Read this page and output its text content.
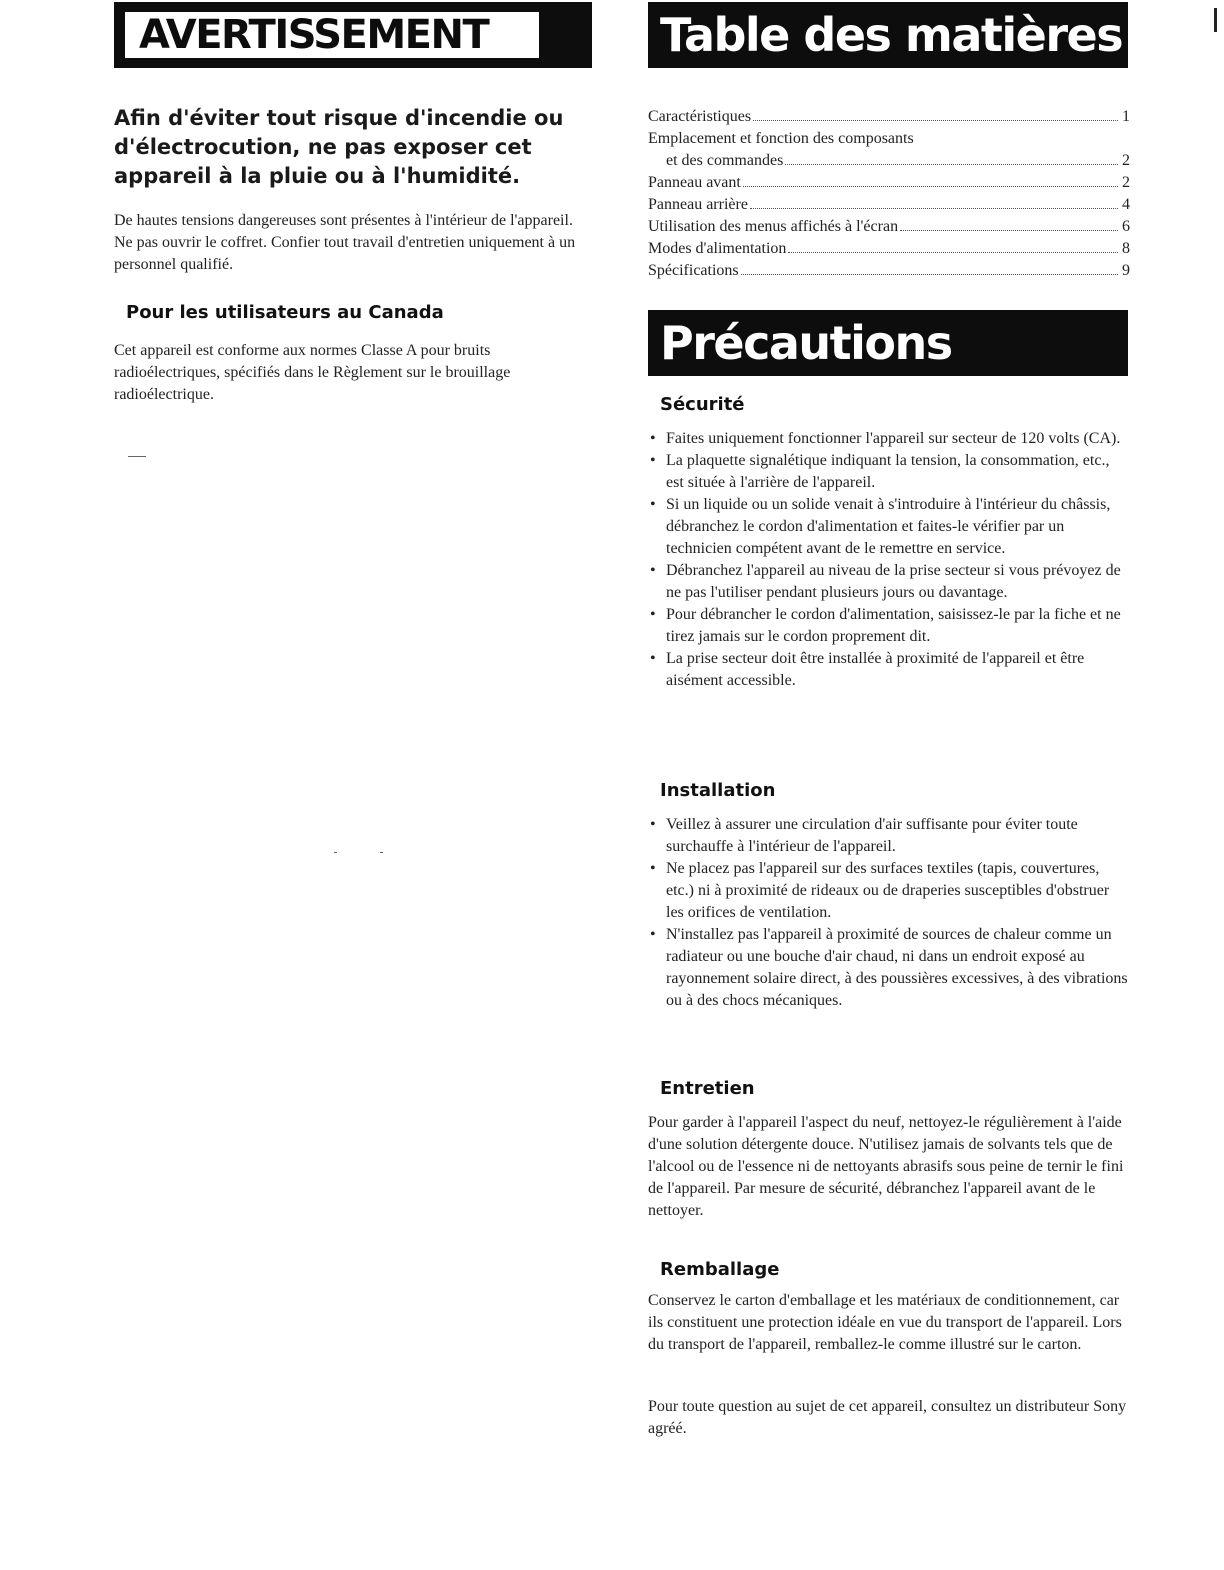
AVERTISSEMENT
Afin d'éviter tout risque d'incendie ou d'électrocution, ne pas exposer cet appareil à la pluie ou à l'humidité.

De hautes tensions dangereuses sont présentes à l'intérieur de l'appareil. Ne pas ouvrir le coffret. Confier tout travail d'entretien uniquement à un personnel qualifié.

Pour les utilisateurs au Canada

Cet appareil est conforme aux normes Classe A pour bruits radioélectriques, spécifiés dans le Règlement sur le brouillage radioélectrique.

Table des matières
Caractéristiques	1
Emplacement et fonction des composants
et des commandes	2
Panneau avant	2
Panneau arrière	4
Utilisation des menus affichés à l'écran	6
Modes d'alimentation	8
Spécifications	9
Précautions
Sécurité
• Faites uniquement fonctionner l'appareil sur secteur de 120 volts (CA).
• La plaquette signalétique indiquant la tension, la consommation, etc., est située à l'arrière de l'appareil.
• Si un liquide ou un solide venait à s'introduire à l'intérieur du châssis, débranchez le cordon d'alimentation et faites-le vérifier par un technicien compétent avant de le remettre en service.
• Débranchez l'appareil au niveau de la prise secteur si vous prévoyez de ne pas l'utiliser pendant plusieurs jours ou davantage.
• Pour débrancher le cordon d'alimentation, saisissez-le par la fiche et ne tirez jamais sur le cordon proprement dit.
• La prise secteur doit être installée à proximité de l'appareil et être aisément accessible.
Installation
• Veillez à assurer une circulation d'air suffisante pour éviter toute surchauffe à l'intérieur de l'appareil.
• Ne placez pas l'appareil sur des surfaces textiles (tapis, couvertures, etc.) ni à proximité de rideaux ou de draperies susceptibles d'obstruer les orifices de ventilation.
• N'installez pas l'appareil à proximité de sources de chaleur comme un radiateur ou une bouche d'air chaud, ni dans un endroit exposé au rayonnement solaire direct, à des poussières excessives, à des vibrations ou à des chocs mécaniques.
Entretien

Pour garder à l'appareil l'aspect du neuf, nettoyez-le régulièrement à l'aide d'une solution détergente douce. N'utilisez jamais de solvants tels que de l'alcool ou de l'essence ni de nettoyants abrasifs sous peine de ternir le fini de l'appareil. Par mesure de sécurité, débranchez l'appareil avant de le nettoyer.

Remballage

Conservez le carton d'emballage et les matériaux de conditionnement, car ils constituent une protection idéale en vue du transport de l'appareil. Lors du transport de l'appareil, remballez-le comme illustré sur le carton.

Pour toute question au sujet de cet appareil, consultez un distributeur Sony agréé.
